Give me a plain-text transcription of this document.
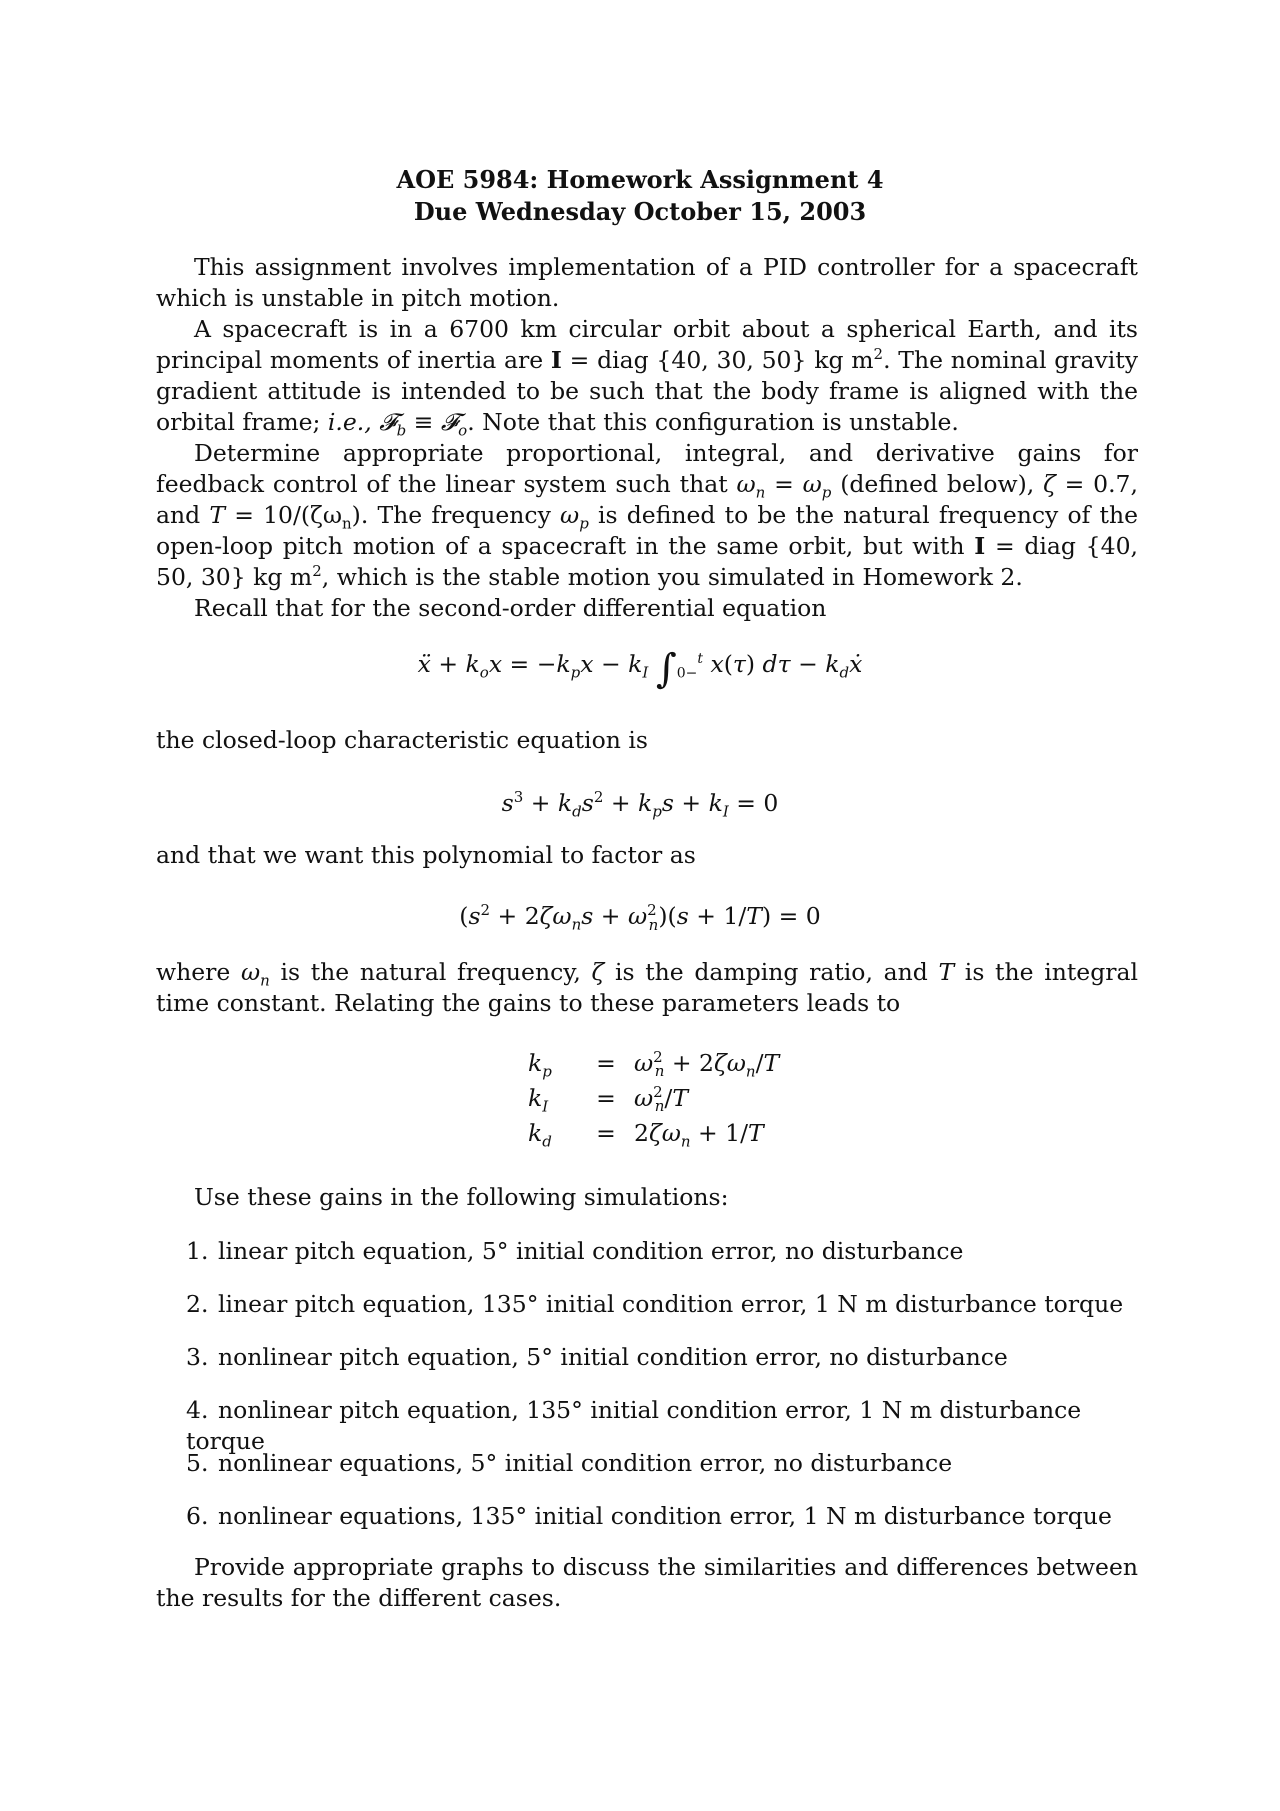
AOE 5984: Homework Assignment 4
Due Wednesday October 15, 2003

This assignment involves implementation of a PID controller for a spacecraft which is unstable in pitch motion.

A spacecraft is in a 6700 km circular orbit about a spherical Earth, and its principal moments of inertia are I = diag {40, 30, 50} kg $m^2$. The nominal gravity gradient attitude is intended to be such that the body frame is aligned with the orbital frame; i.e., 𝓕$_b$ ≡ 𝓕$_o$. Note that this configuration is unstable.

Determine appropriate proportional, integral, and derivative gains for feedback control of the linear system such that $\omega_n = \omega_p$ (defined below), ζ = 0.7, and $T = 10/(\zeta\omega_n)$. The frequency $\omega_p$ is defined to be the natural frequency of the open-loop pitch motion of a spacecraft in the same orbit, but with I = diag {40, 50, 30} kg $m^2$, which is the stable motion you simulated in Homework 2.

Recall that for the second-order differential equation

ẍ + $k_ox = -k_px - k_I$ $\int_{0-}^t$ x(τ) $d\tau - k_dẋ$

the closed-loop characteristic equation is

$s^3 + k_ds^2 + k_ps + k_I = 0$

and that we want this polynomial to factor as

$(s^2 + 2\zeta\omega_ns + \omega^2_n)(s + 1/T) = 0$

where $\omega_n$ is the natural frequency, ζ is the damping ratio, and T is the integral time constant. Relating the gains to these parameters leads to

$k_p$	=	$\omega^2_n + 2\zeta\omega_n/T$
$k_I$	=	$\omega^2_n/T$
$k_d$	=	$2\zeta\omega_n + 1/T$

Use these gains in the following simulations:

1. linear pitch equation, 5° initial condition error, no disturbance
2. linear pitch equation, 135° initial condition error, 1 N m disturbance torque
3. nonlinear pitch equation, 5° initial condition error, no disturbance
4. nonlinear pitch equation, 135° initial condition error, 1 N m disturbance torque
5. nonlinear equations, 5° initial condition error, no disturbance
6. nonlinear equations, 135° initial condition error, 1 N m disturbance torque

Provide appropriate graphs to discuss the similarities and differences between the results for the different cases.
